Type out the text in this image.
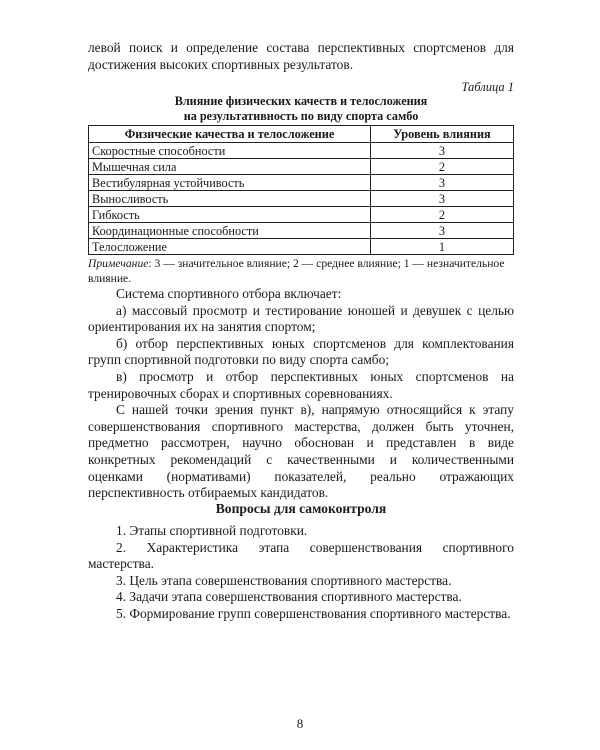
левой поиск и определение состава перспективных спортсменов для достижения высоких спортивных результатов.

Таблица 1
Влияние физических качеств и телосложения
на результативность по виду спорта самбо
Физические качества и телосложение	Уровень влияния
Скоростные способности	3
Мышечная сила	2
Вестибулярная устойчивость	3
Выносливость	3
Гибкость	2
Координационные способности	3
Телосложение	1
Примечание: 3 — значительное влияние; 2 — среднее влияние; 1 — незначительное влияние.

Система спортивного отбора включает:

а) массовый просмотр и тестирование юношей и девушек с целью ориентирования их на занятия спортом;

б) отбор перспективных юных спортсменов для комплектования групп спортивной подготовки по виду спорта самбо;

в) просмотр и отбор перспективных юных спортсменов на тренировочных сборах и спортивных соревнованиях.

С нашей точки зрения пункт в), напрямую относящийся к этапу совершенствования спортивного мастерства, должен быть уточнен, предметно рассмотрен, научно обоснован и представлен в виде конкретных рекомендаций с качественными и количественными оценками (нормативами) показателей, реально отражающих перспективность отбираемых кандидатов.

Вопросы для самоконтроля

1. Этапы спортивной подготовки.

2. Характеристика этапа совершенствования спортивного мастерства.

3. Цель этапа совершенствования спортивного мастерства.

4. Задачи этапа совершенствования спортивного мастерства.

5. Формирование групп совершенствования спортивного мастерства.

8
